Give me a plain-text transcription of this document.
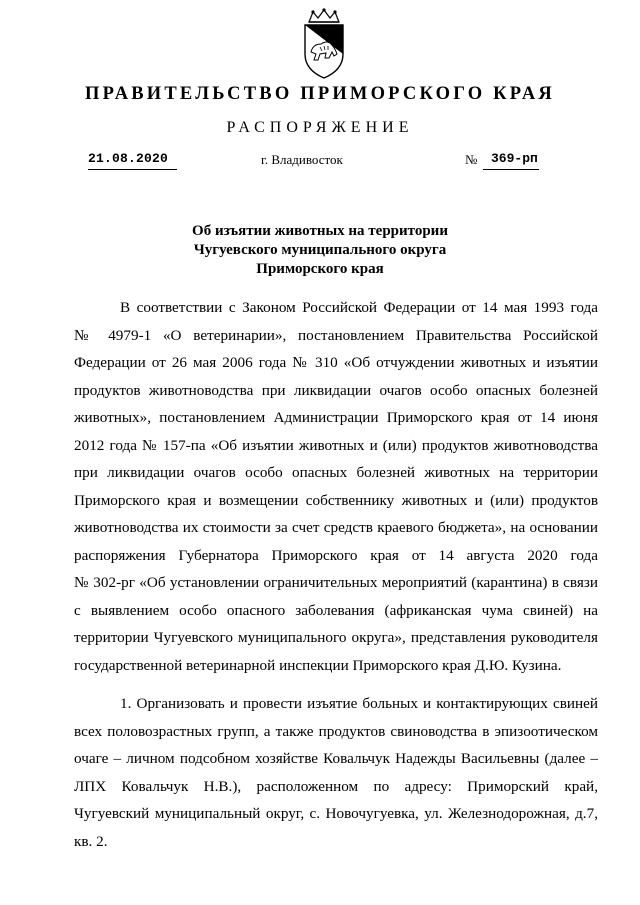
ПРАВИТЕЛЬСТВО ПРИМОРСКОГО КРАЯ
РАСПОРЯЖЕНИЕ
21.08.2020	г. Владивосток	№ 369-рп
Об изъятии животных на территории
Чугуевского муниципального округа
Приморского края
В соответствии с Законом Российской Федерации от 14 мая 1993 года
№ 4979-1 «О ветеринарии», постановлением Правительства Российской
Федерации от 26 мая 2006 года № 310 «Об отчуждении животных и изъятии
продуктов животноводства при ликвидации очагов особо опасных болезней
животных», постановлением Администрации Приморского края от 14 июня
2012 года № 157-па «Об изъятии животных и (или) продуктов животноводства
при ликвидации очагов особо опасных болезней животных на территории
Приморского края и возмещении собственнику животных и (или) продуктов
животноводства их стоимости за счет средств краевого бюджета», на основании
распоряжения Губернатора Приморского края от 14 августа 2020 года
№ 302-рг «Об установлении ограничительных мероприятий (карантина) в связи
с выявлением особо опасного заболевания (африканская чума свиней) на
территории Чугуевского муниципального округа», представления руководителя
государственной ветеринарной инспекции Приморского края Д.Ю. Кузина.
1. Организовать и провести изъятие больных и контактирующих свиней
всех половозрастных групп, а также продуктов свиноводства в эпизоотическом
очаге – личном подсобном хозяйстве Ковальчук Надежды Васильевны (далее –
ЛПХ Ковальчук Н.В.), расположенном по адресу: Приморский край,
Чугуевский муниципальный округ, с. Новочугуевка, ул. Железнодорожная, д.7,
кв. 2.
